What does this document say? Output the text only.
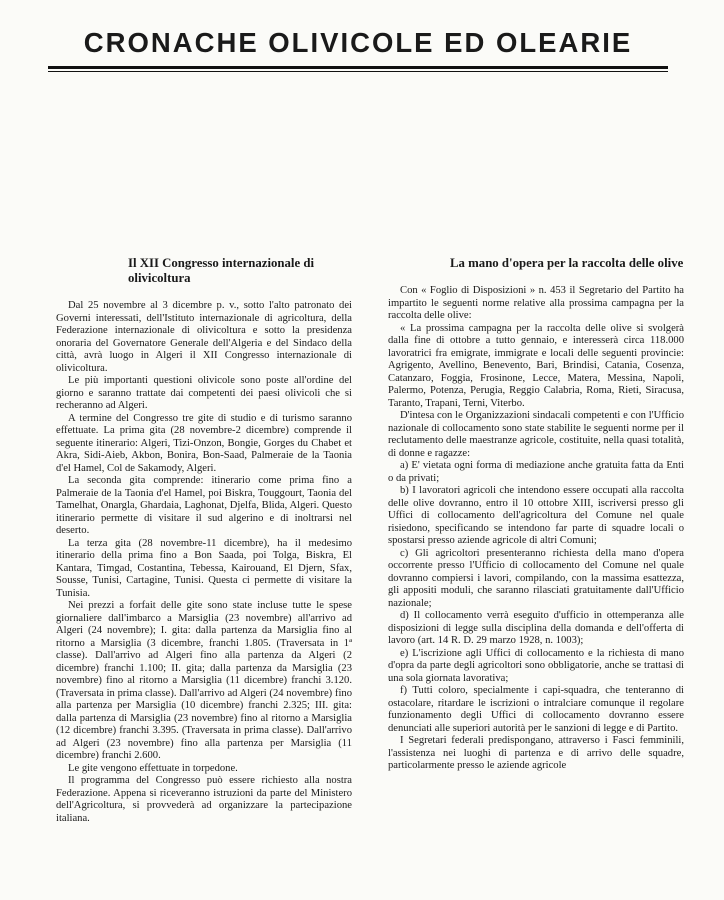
CRONACHE OLIVICOLE ED OLEARIE
Il XII Congresso internazionale di olivicoltura

Dal 25 novembre al 3 dicembre p. v., sotto l'alto patronato dei Governi interessati, dell'Istituto internazionale di agricoltura, della Federazione internazionale di olivicoltura e sotto la presidenza onoraria del Governatore Generale dell'Algeria e del Sindaco della città, avrà luogo in Algeri il XII Congresso internazionale di olivicoltura.

Le più importanti questioni olivicole sono poste all'ordine del giorno e saranno trattate dai competenti dei paesi olivicoli che si recheranno ad Algeri.

A termine del Congresso tre gite di studio e di turismo saranno effettuate. La prima gita (28 novembre-2 dicembre) comprende il seguente itinerario: Algeri, Tizi-Onzon, Bongie, Gorges du Chabet et Akra, Sidi-Aieb, Akbon, Bonira, Bon-Saad, Palmeraie de la Taonia d'el Hamel, Col de Sakamody, Algeri.

La seconda gita comprende: itinerario come prima fino a Palmeraie de la Taonia d'el Hamel, poi Biskra, Touggourt, Taonia del Tamelhat, Onargla, Ghardaia, Laghonat, Djelfa, Blida, Algeri. Questo itinerario permette di visitare il sud algerino e di inoltrarsi nel deserto.

La terza gita (28 novembre-11 dicembre), ha il medesimo itinerario della prima fino a Bon Saada, poi Tolga, Biskra, El Kantara, Timgad, Costantina, Tebessa, Kairouand, El Djern, Sfax, Sousse, Tunisi, Cartagine, Tunisi. Questa ci permette di visitare la Tunisia.

Nei prezzi a forfait delle gite sono state incluse tutte le spese giornaliere dall'imbarco a Marsiglia (23 novembre) all'arrivo ad Algeri (24 novembre); I. gita: dalla partenza da Marsiglia fino al ritorno a Marsiglia (3 dicembre, franchi 1.805. (Traversata in 1ª classe). Dall'arrivo ad Algeri fino alla partenza da Algeri (2 dicembre) franchi 1.100; II. gita; dalla partenza da Marsiglia (23 novembre) fino al ritorno a Marsiglia (11 dicembre) franchi 3.120. (Traversata in prima classe). Dall'arrivo ad Algeri (24 novembre) fino alla partenza per Marsiglia (10 dicembre) franchi 2.325; III. gita: dalla partenza di Marsiglia (23 novembre) fino al ritorno a Marsiglia (12 dicembre) franchi 3.395. (Traversata in prima classe). Dall'arrivo ad Algeri (23 novembre) fino alla partenza per Marsiglia (11 dicembre) franchi 2.600.

Le gite vengono effettuate in torpedone.

Il programma del Congresso può essere richiesto alla nostra Federazione. Appena si riceveranno istruzioni da parte del Ministero dell'Agricoltura, si provvederà ad organizzare la partecipazione italiana.

La mano d'opera per la raccolta delle olive

Con « Foglio di Disposizioni » n. 453 il Segretario del Partito ha impartito le seguenti norme relative alla prossima campagna per la raccolta delle olive:

« La prossima campagna per la raccolta delle olive si svolgerà dalla fine di ottobre a tutto gennaio, e interesserà circa 118.000 lavoratrici fra emigrate, immigrate e locali delle seguenti provincie: Agrigento, Avellino, Benevento, Bari, Brindisi, Catania, Cosenza, Catanzaro, Foggia, Frosinone, Lecce, Matera, Messina, Napoli, Palermo, Potenza, Perugia, Reggio Calabria, Roma, Rieti, Siracusa, Taranto, Trapani, Terni, Viterbo.

D'intesa con le Organizzazioni sindacali competenti e con l'Ufficio nazionale di collocamento sono state stabilite le seguenti norme per il reclutamento delle maestranze agricole, costituite, nella quasi totalità, di donne e ragazze:

a) E' vietata ogni forma di mediazione anche gratuita fatta da Enti o da privati;

b) I lavoratori agricoli che intendono essere occupati alla raccolta delle olive dovranno, entro il 10 ottobre XIII, iscriversi presso gli Uffici di collocamento dell'agricoltura del Comune nel quale risiedono, specificando se intendono far parte di squadre locali o spostarsi presso aziende agricole di altri Comuni;

c) Gli agricoltori presenteranno richiesta della mano d'opera occorrente presso l'Ufficio di collocamento del Comune nel quale dovranno compiersi i lavori, compilando, con la massima esattezza, gli appositi moduli, che saranno rilasciati gratuitamente dall'Ufficio nazionale;

d) Il collocamento verrà eseguito d'ufficio in ottemperanza alle disposizioni di legge sulla disciplina della domanda e dell'offerta di lavoro (art. 14 R. D. 29 marzo 1928, n. 1003);

e) L'iscrizione agli Uffici di collocamento e la richiesta di mano d'opra da parte degli agricoltori sono obbligatorie, anche se trattasi di una sola giornata lavorativa;

f) Tutti coloro, specialmente i capi-squadra, che tenteranno di ostacolare, ritardare le iscrizioni o intralciare comunque il regolare funzionamento degli Uffici di collocamento dovranno essere denunciati alle superiori autorità per le sanzioni di legge e di Partito.

I Segretari federali predispongano, attraverso i Fasci femminili, l'assistenza nei luoghi di partenza e di arrivo delle squadre, particolarmente presso le aziende agricole
